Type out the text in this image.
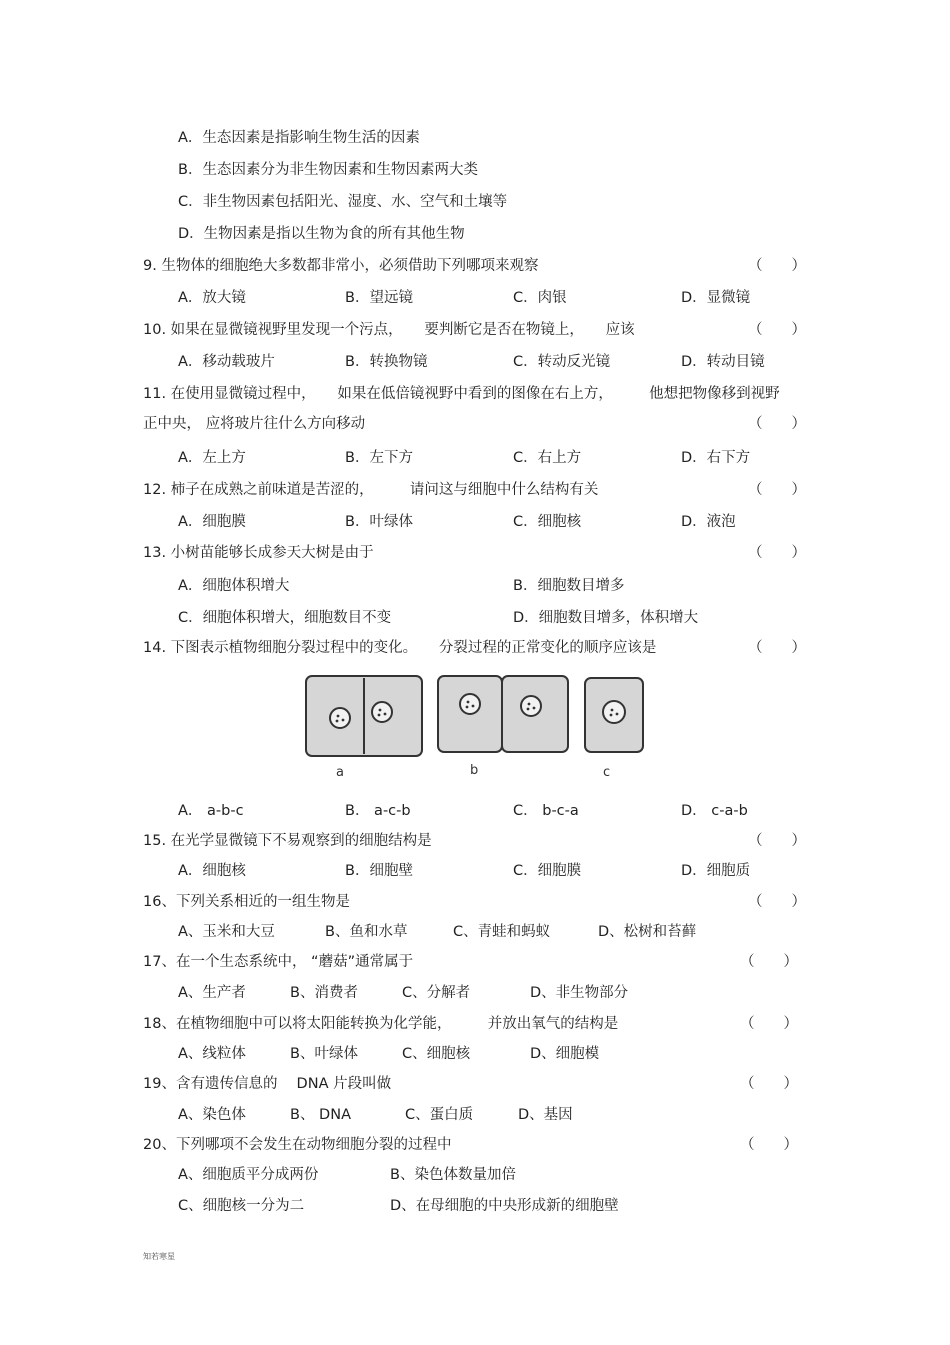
A．生态因素是指影响生物生活的因素
B．生态因素分为非生物因素和生物因素两大类
C．非生物因素包括阳光、湿度、水、空气和土壤等
D．生物因素是指以生物为食的所有其他生物
9. 生物体的细胞绝大多数都非常小，必须借助下列哪项来观察	（　　）
A．放大镜	B．望远镜	C．肉银	D．显微镜
10. 如果在显微镜视野里发现一个污点，　　要判断它是否在物镜上，　　应该	（　　）
A．移动载玻片	B．转换物镜	C．转动反光镜	D．转动目镜
11. 在使用显微镜过程中，　　如果在低倍镜视野中看到的图像在右上方，　　　他想把物像移到视野
正中央， 应将玻片往什么方向移动	（　　）
A．左上方	B．左下方	C．右上方	D．右下方
12. 柿子在成熟之前味道是苦涩的，　　　请问这与细胞中什么结构有关	（　　）
A．细胞膜	B．叶绿体	C．细胞核	D．液泡
13. 小树苗能够长成参天大树是由于	（　　）
A．细胞体积增大	B．细胞数目增多
C．细胞体积增大，细胞数目不变	D．细胞数目增多，体积增大
14. 下图表示植物细胞分裂过程中的变化。　　分裂过程的正常变化的顺序应该是	（　　）
a	b	c
A． a-b-c	B． a-c-b	C． b-c-a	D． c-a-b
15. 在光学显微镜下不易观察到的细胞结构是	（　　）
A．细胞核	B．细胞壁	C．细胞膜	D．细胞质
16、下列关系相近的一组生物是	（　　）
A、玉米和大豆	B、鱼和水草	C、青蛙和蚂蚁	D、松树和苔藓
17、在一个生态系统中， “蘑菇”通常属于	（　　）
A、生产者	B、消费者	C、分解者	D、非生物部分
18、在植物细胞中可以将太阳能转换为化学能，　　　并放出氧气的结构是	（　　）
A、线粒体	B、叶绿体	C、细胞核	D、细胞模
19、含有遗传信息的　 DNA 片段叫做	（　　）
A、染色体	B、 DNA	C、蛋白质	D、基因
20、下列哪项不会发生在动物细胞分裂的过程中	（　　）
A、细胞质平分成两份	B、染色体数量加倍
C、细胞核一分为二	D、在母细胞的中央形成新的细胞壁
知若寒星
